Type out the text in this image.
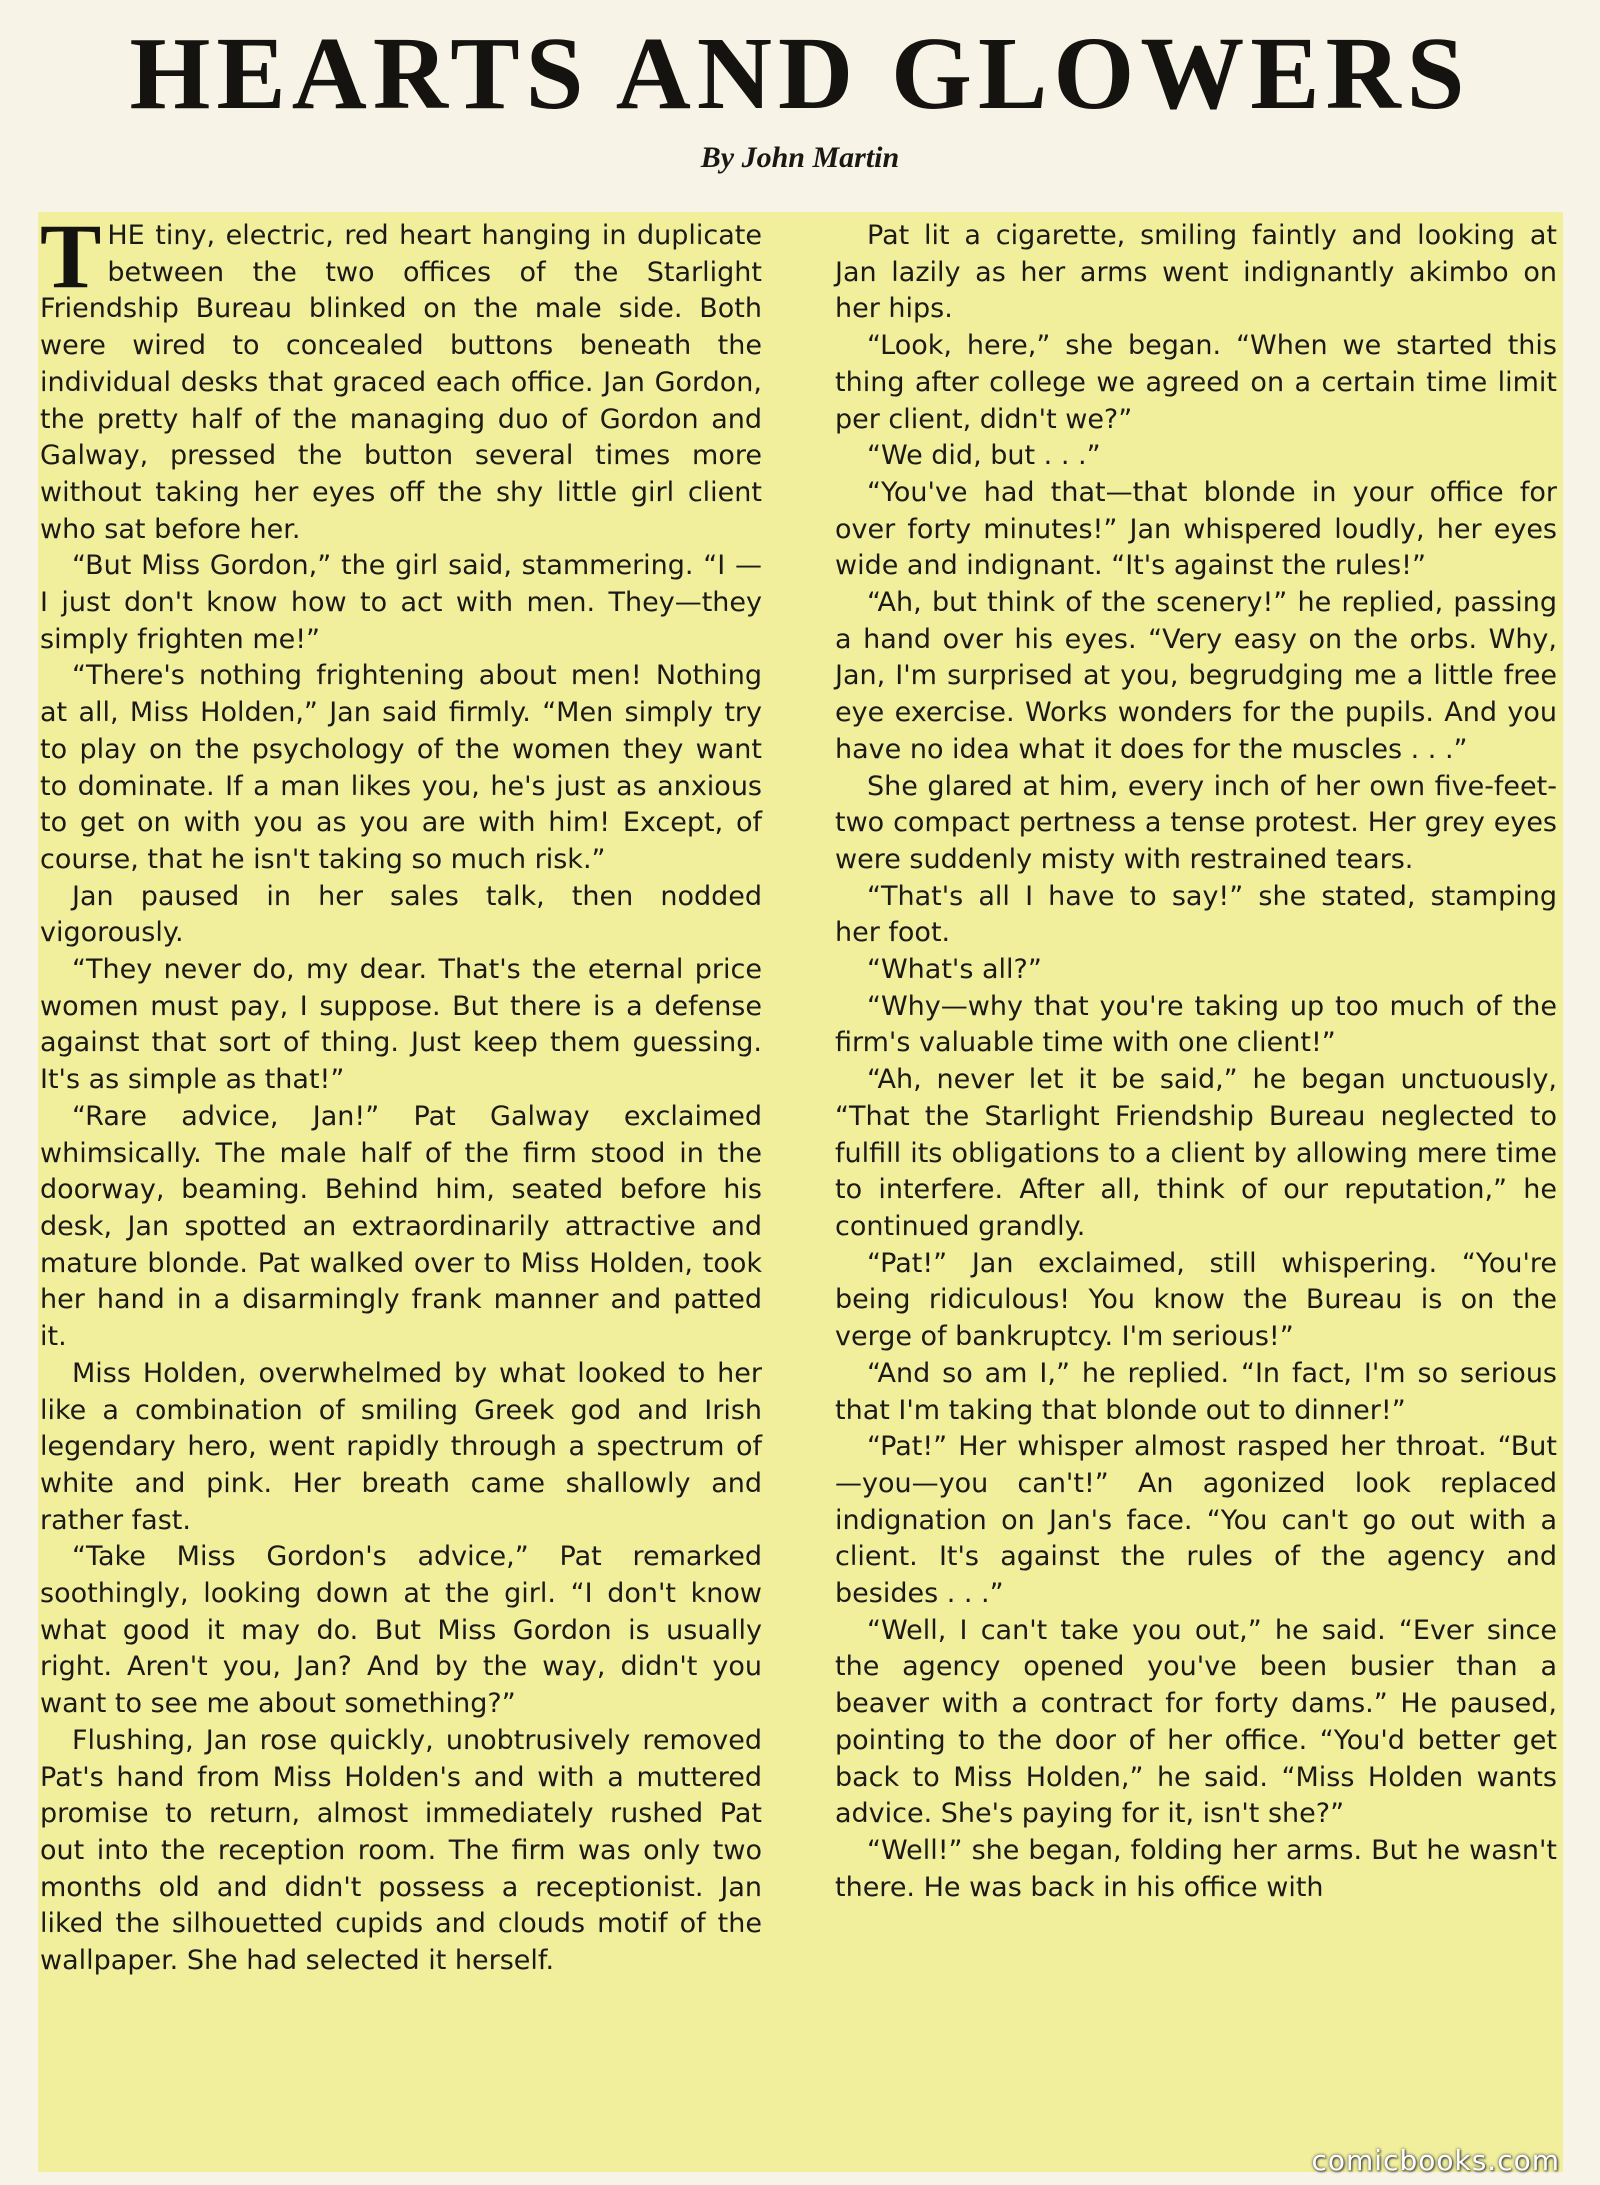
HEARTS AND GLOWERS
By John Martin

THE tiny, electric, red heart hanging in duplicate between the two offices of the Starlight Friendship Bureau blinked on the male side. Both were wired to concealed buttons beneath the individual desks that graced each office. Jan Gordon, the pretty half of the managing duo of Gordon and Galway, pressed the button several times more without taking her eyes off the shy little girl client who sat before her.

“But Miss Gordon,” the girl said, stammering. “I — I just don't know how to act with men. They—they simply frighten me!”

“There's nothing frightening about men! Nothing at all, Miss Holden,” Jan said firmly. “Men simply try to play on the psychology of the women they want to dominate. If a man likes you, he's just as anxious to get on with you as you are with him! Except, of course, that he isn't taking so much risk.”

Jan paused in her sales talk, then nodded vigorously.

“They never do, my dear. That's the eternal price women must pay, I suppose. But there is a defense against that sort of thing. Just keep them guessing. It's as simple as that!”

“Rare advice, Jan!” Pat Galway exclaimed whimsically. The male half of the firm stood in the doorway, beaming. Behind him, seated before his desk, Jan spotted an extraordinarily attractive and mature blonde. Pat walked over to Miss Holden, took her hand in a disarmingly frank manner and patted it.

Miss Holden, overwhelmed by what looked to her like a combination of smiling Greek god and Irish legendary hero, went rapidly through a spectrum of white and pink. Her breath came shallowly and rather fast.

“Take Miss Gordon's advice,” Pat remarked soothingly, looking down at the girl. “I don't know what good it may do. But Miss Gordon is usually right. Aren't you, Jan? And by the way, didn't you want to see me about something?”

Flushing, Jan rose quickly, unobtrusively removed Pat's hand from Miss Holden's and with a muttered promise to return, almost immediately rushed Pat out into the reception room. The firm was only two months old and didn't possess a receptionist. Jan liked the silhouetted cupids and clouds motif of the wallpaper. She had selected it herself.

Pat lit a cigarette, smiling faintly and looking at Jan lazily as her arms went indignantly akimbo on her hips.

“Look, here,” she began. “When we started this thing after college we agreed on a certain time limit per client, didn't we?”

“We did, but . . .”

“You've had that—that blonde in your office for over forty minutes!” Jan whispered loudly, her eyes wide and indignant. “It's against the rules!”

“Ah, but think of the scenery!” he replied, passing a hand over his eyes. “Very easy on the orbs. Why, Jan, I'm surprised at you, begrudging me a little free eye exercise. Works wonders for the pupils. And you have no idea what it does for the muscles . . .”

She glared at him, every inch of her own five-feet-two compact pertness a tense protest. Her grey eyes were suddenly misty with restrained tears.

“That's all I have to say!” she stated, stamping her foot.

“What's all?”

“Why—why that you're taking up too much of the firm's valuable time with one client!”

“Ah, never let it be said,” he began unctuously, “That the Starlight Friendship Bureau neglected to fulfill its obligations to a client by allowing mere time to interfere. After all, think of our reputation,” he continued grandly.

“Pat!” Jan exclaimed, still whispering. “You're being ridiculous! You know the Bureau is on the verge of bankruptcy. I'm serious!”

“And so am I,” he replied. “In fact, I'm so serious that I'm taking that blonde out to dinner!”

“Pat!” Her whisper almost rasped her throat. “But—you—you can't!” An agonized look replaced indignation on Jan's face. “You can't go out with a client. It's against the rules of the agency and besides . . .”

“Well, I can't take you out,” he said. “Ever since the agency opened you've been busier than a beaver with a contract for forty dams.” He paused, pointing to the door of her office. “You'd better get back to Miss Holden,” he said. “Miss Holden wants advice. She's paying for it, isn't she?”

“Well!” she began, folding her arms. But he wasn't there. He was back in his office with

comicbooks.com
